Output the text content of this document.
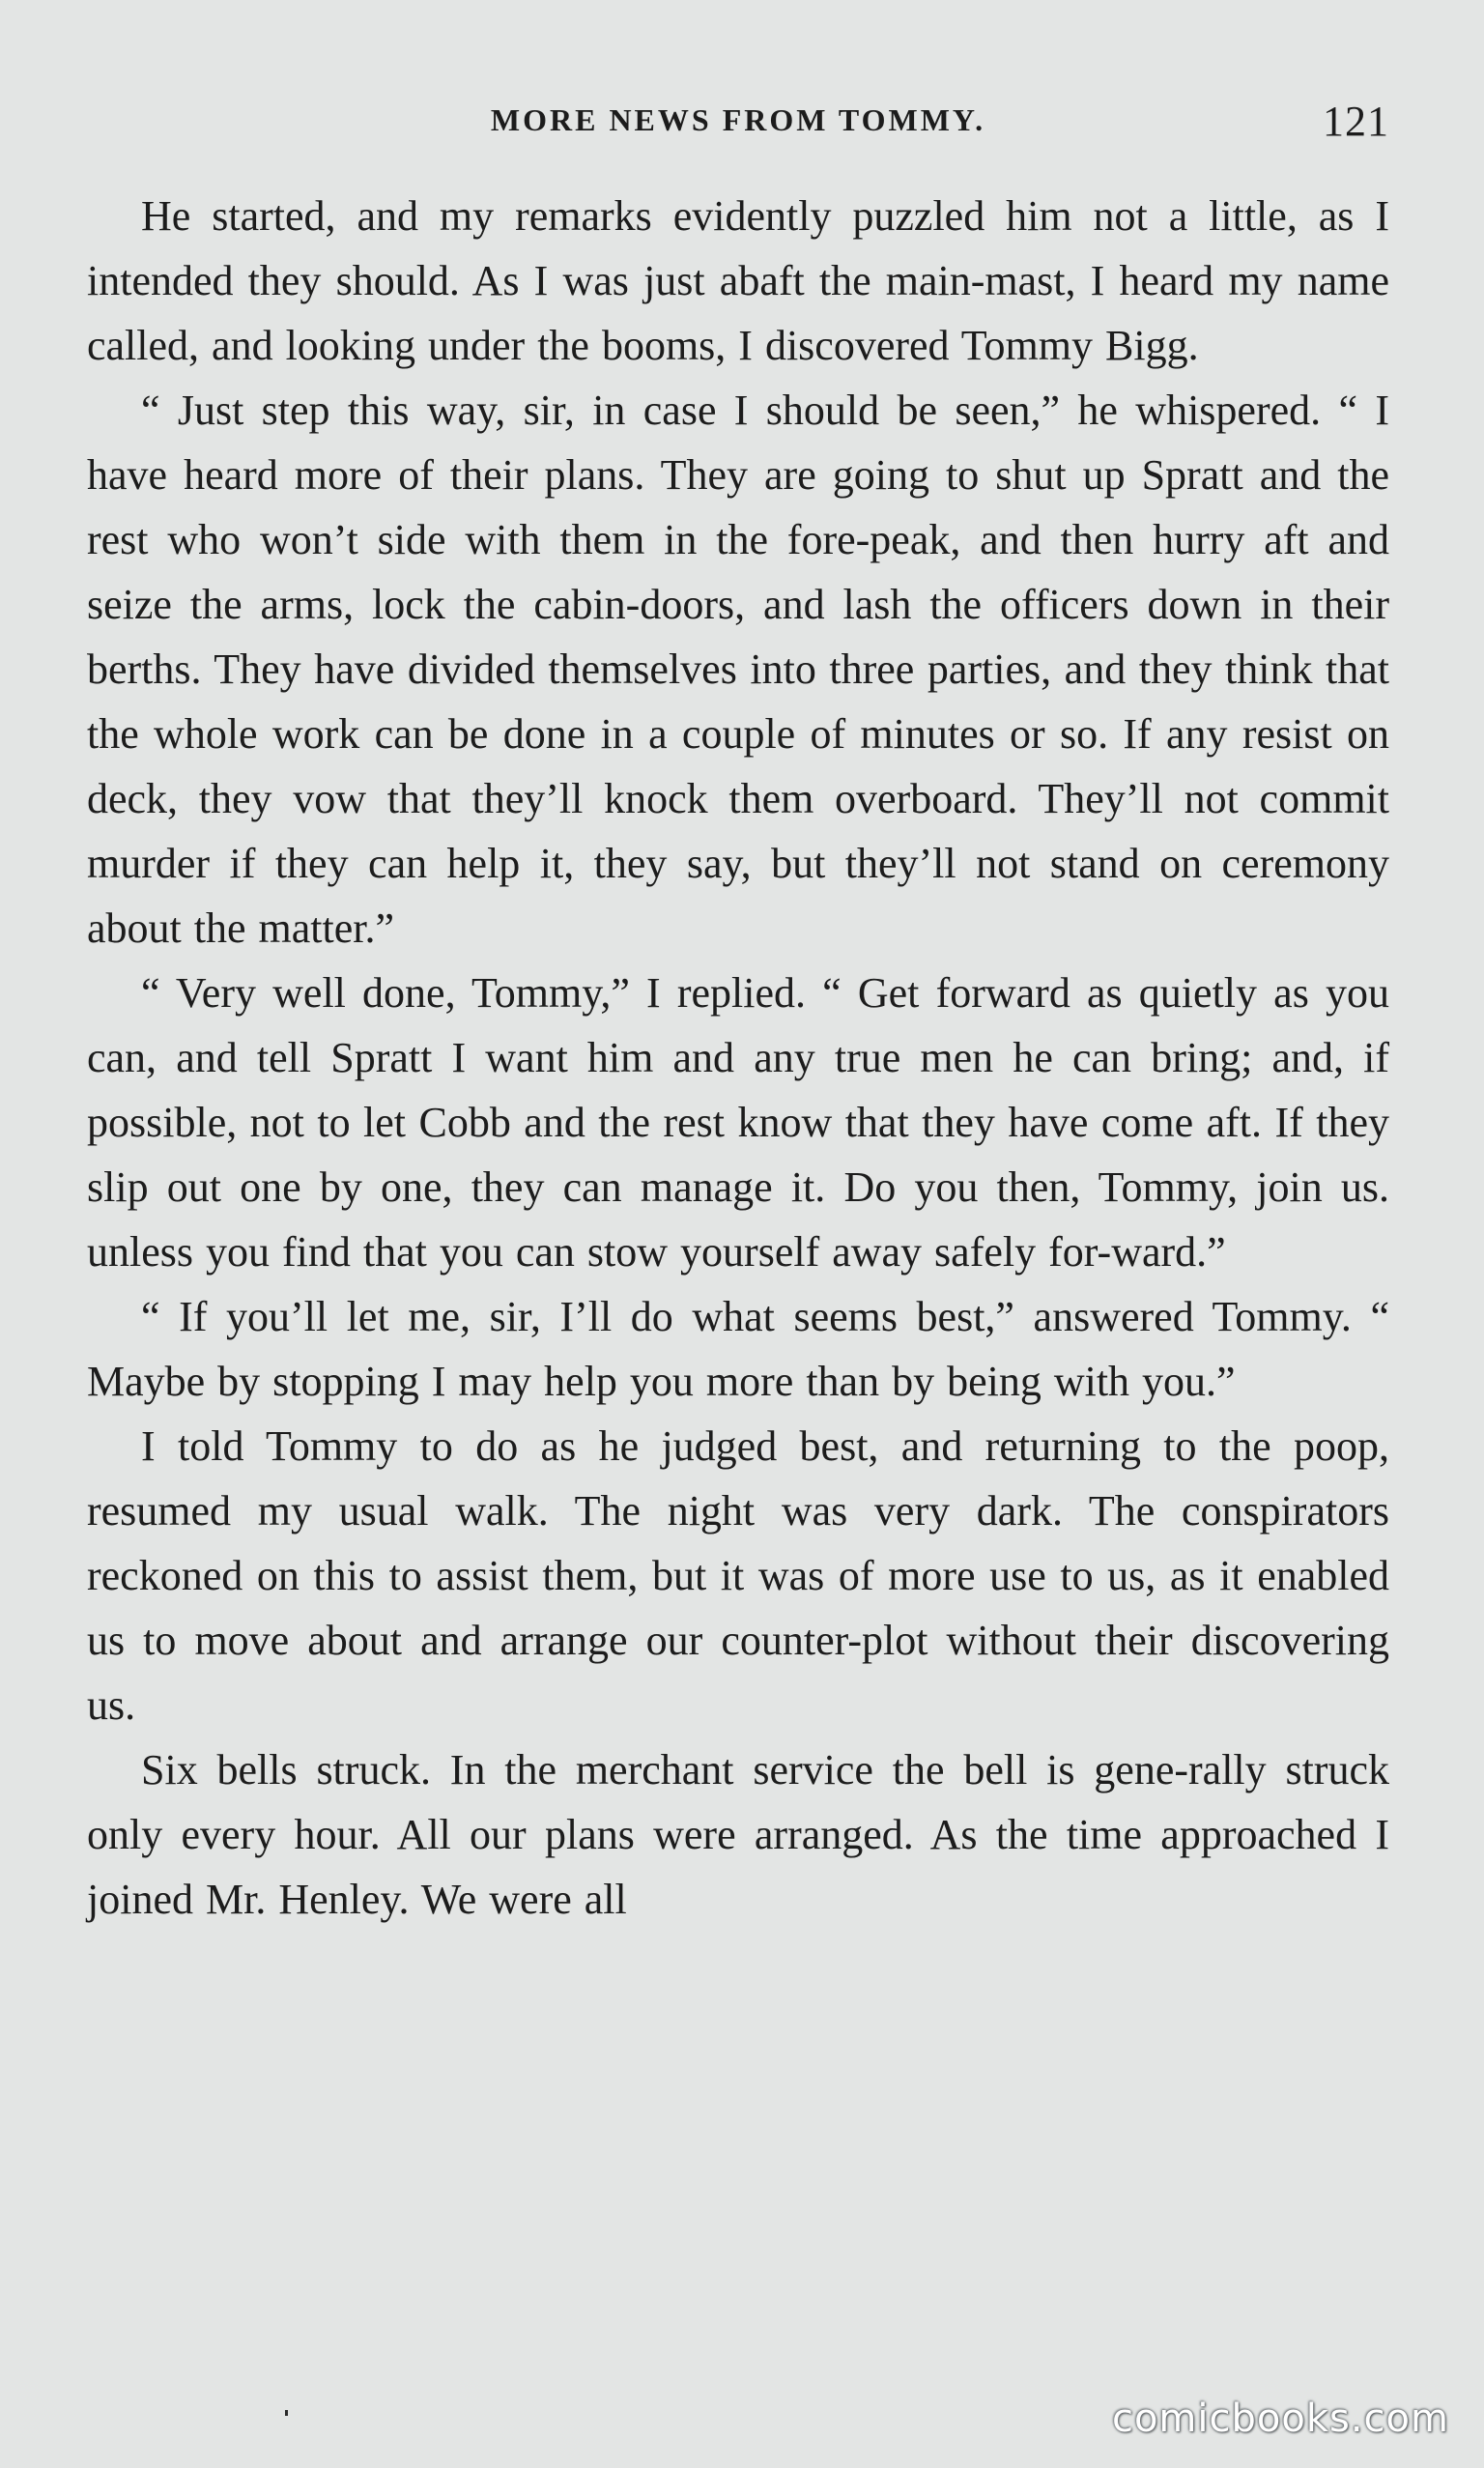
MORE NEWS FROM TOMMY.	121

He started, and my remarks evidently puzzled him not a little, as I intended they should. As I was just abaft the main-mast, I heard my name called, and looking under the booms, I discovered Tommy Bigg.

“ Just step this way, sir, in case I should be seen,” he whispered. “ I have heard more of their plans. They are going to shut up Spratt and the rest who won’t side with them in the fore-peak, and then hurry aft and seize the arms, lock the cabin-doors, and lash the officers down in their berths. They have divided themselves into three parties, and they think that the whole work can be done in a couple of minutes or so. If any resist on deck, they vow that they’ll knock them overboard. They’ll not commit murder if they can help it, they say, but they’ll not stand on ceremony about the matter.”

“ Very well done, Tommy,” I replied. “ Get forward as quietly as you can, and tell Spratt I want him and any true men he can bring; and, if possible, not to let Cobb and the rest know that they have come aft. If they slip out one by one, they can manage it. Do you then, Tommy, join us. unless you find that you can stow yourself away safely for-ward.”

“ If you’ll let me, sir, I’ll do what seems best,” answered Tommy. “ Maybe by stopping I may help you more than by being with you.”

I told Tommy to do as he judged best, and returning to the poop, resumed my usual walk. The night was very dark. The conspirators reckoned on this to assist them, but it was of more use to us, as it enabled us to move about and arrange our counter-plot without their discovering us.

Six bells struck. In the merchant service the bell is gene-rally struck only every hour. All our plans were arranged. As the time approached I joined Mr. Henley. We were all

comicbooks.com
